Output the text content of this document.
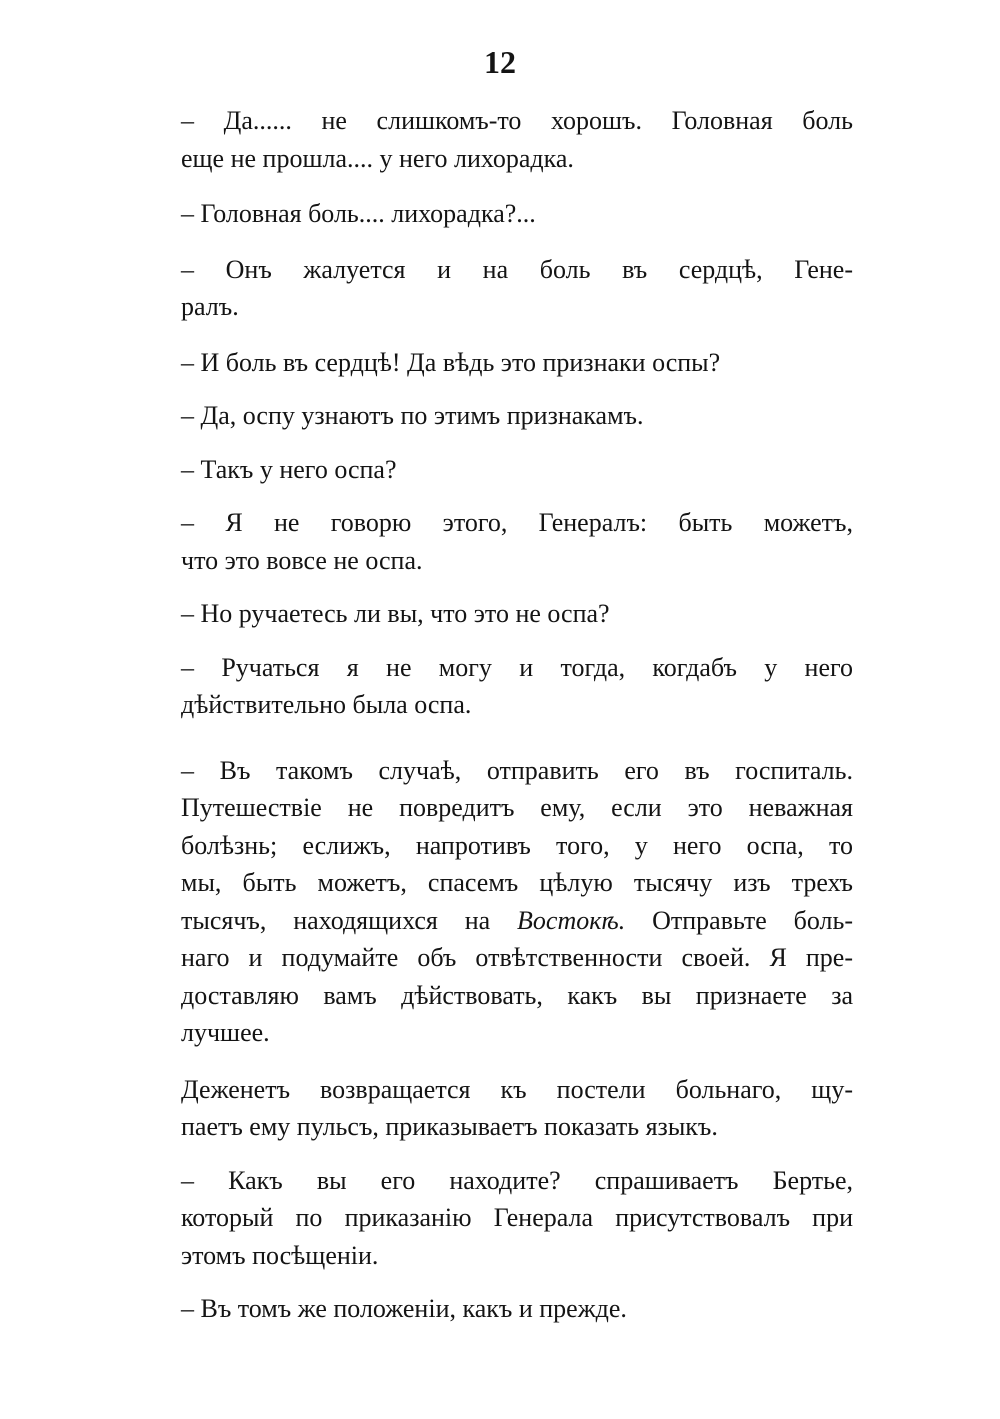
12

– Да...... не слишкомъ-то хорошъ. Головная боль
еще не прошла.... у него лихорадка.

– Головная боль.... лихорадка?...

– Онъ жалуется и на боль въ сердцѣ, Гене-
ралъ.

– И боль въ сердцѣ! Да вѣдь это признаки оспы?

– Да, оспу узнаютъ по этимъ признакамъ.

– Такъ у него оспа?

– Я не говорю этого, Генералъ: быть можетъ,
что это вовсе не оспа.

– Но ручаетесь ли вы, что это не оспа?

– Ручаться я не могу и тогда, когдабъ у него
дѣйствительно была оспа.

– Въ такомъ случаѣ, отправить его въ госпиталь.
Путешествіе не повредитъ ему, если это неважная
болѣзнь; еслижъ, напротивъ того, у него оспа, то
мы, быть можетъ, спасемъ цѣлую тысячу изъ трехъ
тысячъ, находящихся на Востокѣ. Отправьте боль-
наго и подумайте объ отвѣтственности своей. Я пре-
доставляю вамъ дѣйствовать, какъ вы признаете за
лучшее.

Деженетъ возвращается къ постели больнаго, щу-
паетъ ему пульсъ, приказываетъ показать языкъ.

– Какъ вы его находите? спрашиваетъ Бертье,
который по приказанію Генерала присутствовалъ при
этомъ посѣщеніи.

– Въ томъ же положеніи, какъ и прежде.
